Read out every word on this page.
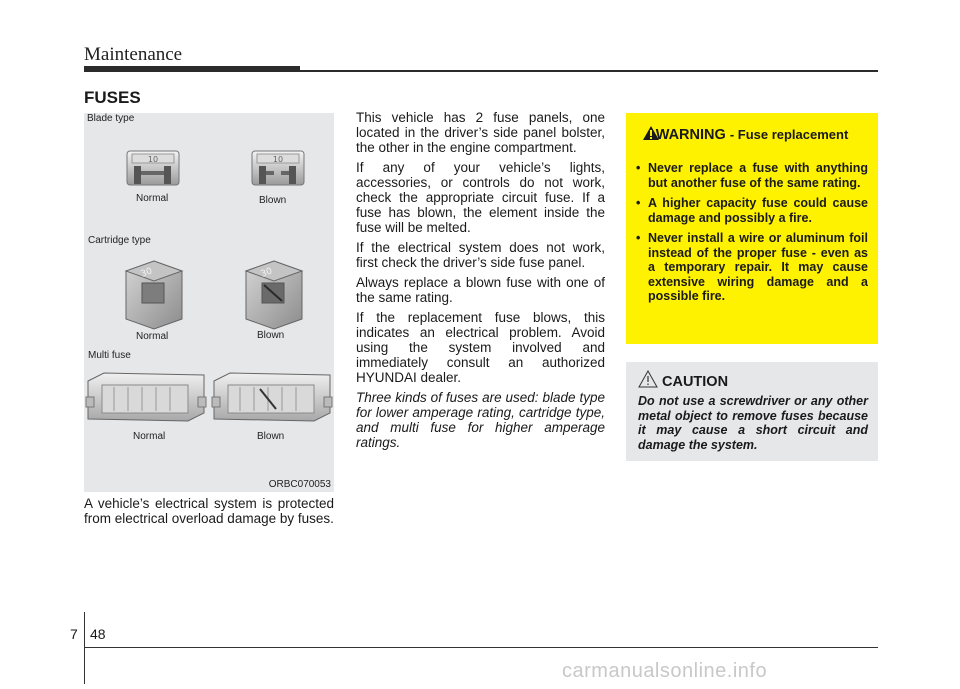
Maintenance
FUSES
10	10
30	30
Blade type
Normal	Blown
Cartridge type
Normal	Blown
Multi fuse
Normal	Blown
ORBC070053
A vehicle’s electrical system is protected from electrical overload damage by fuses.

This vehicle has 2 fuse panels, one located in the driver’s side panel bolster, the other in the engine compartment.

If any of your vehicle’s lights, accessories, or controls do not work, check the appropriate circuit fuse. If a fuse has blown, the element inside the fuse will be melted.

If the electrical system does not work, first check the driver’s side fuse panel.

Always replace a blown fuse with one of the same rating.

If the replacement fuse blows, this indicates an electrical problem. Avoid using the system involved and immediately consult an authorized HYUNDAI dealer.

Three kinds of fuses are used: blade type for lower amperage rating, cartridge type, and multi fuse for higher amperage ratings.

WARNING - Fuse replacement
• Never replace a fuse with anything but another fuse of the same rating.
• A higher capacity fuse could cause damage and possibly a fire.
• Never install a wire or aluminum foil instead of the proper fuse - even as a temporary repair. It may cause extensive wiring damage and a possible fire.
CAUTION
Do not use a screwdriver or any other metal object to remove fuses because it may cause a short circuit and damage the system.
7 48
carmanualsonline.info
